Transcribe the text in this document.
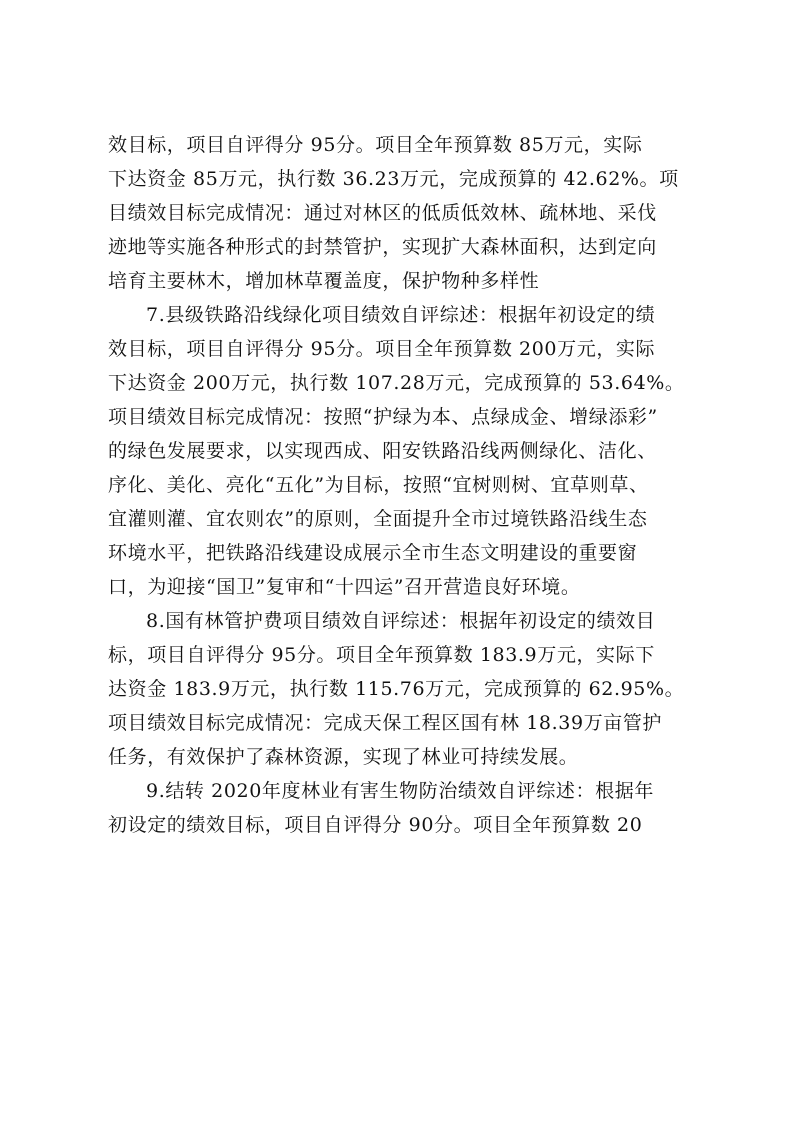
效目标，项目自评得分 95分。项目全年预算数 85万元，实际
下达资金 85万元，执行数 36.23万元，完成预算的 42.62%。项
目绩效目标完成情况：通过对林区的低质低效林、疏林地、采伐
迹地等实施各种形式的封禁管护，实现扩大森林面积，达到定向
培育主要林木，增加林草覆盖度，保护物种多样性

7.县级铁路沿线绿化项目绩效自评综述：根据年初设定的绩
效目标，项目自评得分 95分。项目全年预算数 200万元，实际
下达资金 200万元，执行数 107.28万元，完成预算的 53.64%。
项目绩效目标完成情况：按照“护绿为本、点绿成金、增绿添彩”
的绿色发展要求，以实现西成、阳安铁路沿线两侧绿化、洁化、
序化、美化、亮化“五化”为目标，按照“宜树则树、宜草则草、
宜灌则灌、宜农则农”的原则，全面提升全市过境铁路沿线生态
环境水平，把铁路沿线建设成展示全市生态文明建设的重要窗
口，为迎接“国卫”复审和“十四运”召开营造良好环境。

8.国有林管护费项目绩效自评综述：根据年初设定的绩效目
标，项目自评得分 95分。项目全年预算数 183.9万元，实际下
达资金 183.9万元，执行数 115.76万元，完成预算的 62.95%。
项目绩效目标完成情况：完成天保工程区国有林 18.39万亩管护
任务，有效保护了森林资源，实现了林业可持续发展。

9.结转 2020年度林业有害生物防治绩效自评综述：根据年
初设定的绩效目标，项目自评得分 90分。项目全年预算数 20
